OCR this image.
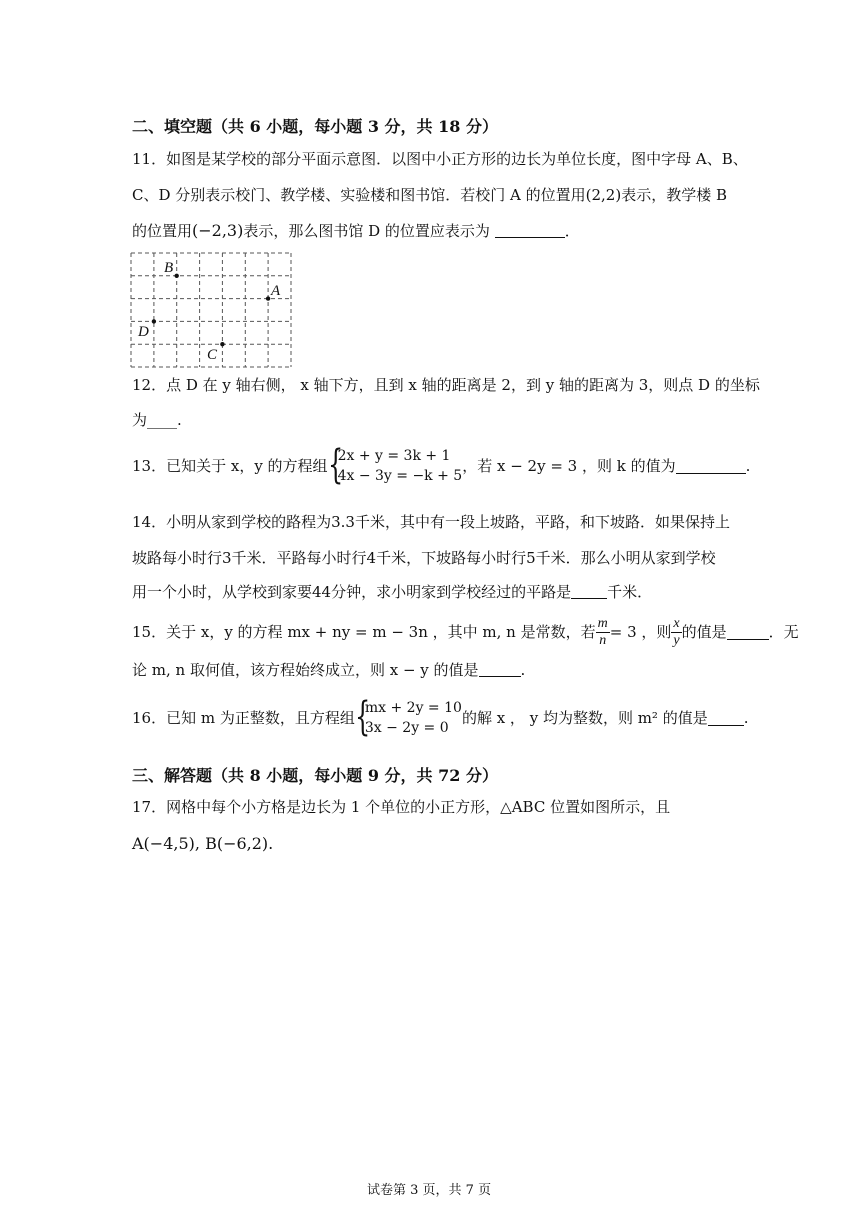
二、填空题（共 6 小题，每小题 3 分，共 18 分）
11．如图是某学校的部分平面示意图．以图中小正方形的边长为单位长度，图中字母 A、B、
C、D 分别表示校门、教学楼、实验楼和图书馆．若校门 A 的位置用(2,2)表示，教学楼 B
的位置用(−2,3)表示，那么图书馆 D 的位置应表示为	．
B
A
D
C
12．点 D 在 y 轴右侧， x 轴下方，且到 x 轴的距离是 2，到 y 轴的距离为 3，则点 D 的坐标
为____.
13．已知关于 x，y 的方程组 {
2x + y = 3k + 1
4x − 3y = −k + 5
，若 x − 2y = 3 ，则 k 的值为	.
14．小明从家到学校的路程为3.3千米，其中有一段上坡路，平路，和下坡路．如果保持上
坡路每小时行3千米．平路每小时行4千米，下坡路每小时行5千米．那么小明从家到学校
用一个小时，从学校到家要44分钟，求小明家到学校经过的平路是 千米．
15．关于 x，y 的方程 mx + ny = m − 3n ，其中 m, n 是常数，若 $\frac{m}{n} = 3$ ，则 $\frac{x}{y}$ 的值是	．无
论 m, n 取何值，该方程始终成立，则 x − y 的值是	.
16．已知 m 为正整数，且方程组 {
mx + 2y = 10
3x − 2y = 0
的解 x ， y 均为整数，则 m² 的值是 .
三、解答题（共 8 小题，每小题 9 分，共 72 分）
17．网格中每个小方格是边长为 1 个单位的小正方形，△ABC 位置如图所示，且
A(−4,5), B(−6,2).
试卷第 3 页，共 7 页
